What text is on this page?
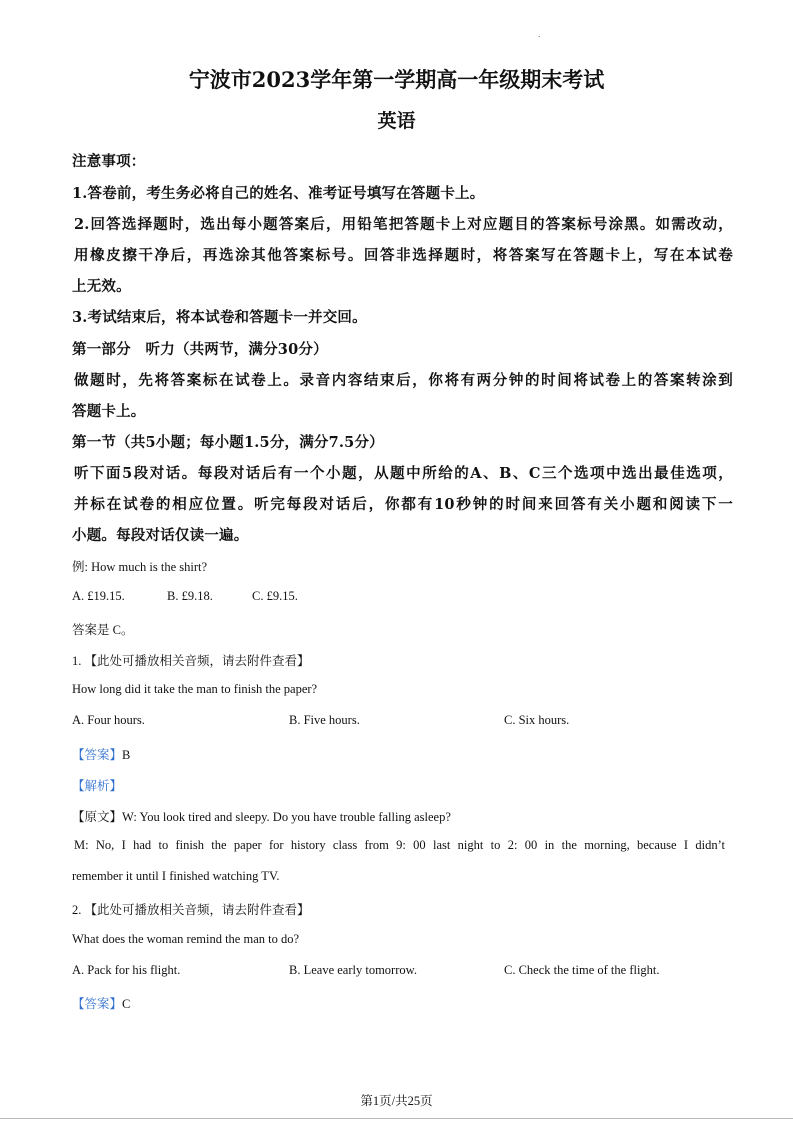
.
宁波市2023学年第一学期高一年级期末考试
英语
注意事项：
1.答卷前，考生务必将自己的姓名、准考证号填写在答题卡上。
2.回答选择题时，选出每小题答案后，用铅笔把答题卡上对应题目的答案标号涂黑。如需改动，
用橡皮擦干净后，再选涂其他答案标号。回答非选择题时，将答案写在答题卡上，写在本试卷
上无效。
3.考试结束后，将本试卷和答题卡一并交回。
第一部分　听力（共两节，满分30分）
做题时，先将答案标在试卷上。录音内容结束后，你将有两分钟的时间将试卷上的答案转涂到
答题卡上。
第一节（共5小题；每小题1.5分，满分7.5分）
听下面5段对话。每段对话后有一个小题，从题中所给的A、B、C三个选项中选出最佳选项，
并标在试卷的相应位置。听完每段对话后，你都有10秒钟的时间来回答有关小题和阅读下一
小题。每段对话仅读一遍。
例: How much is the shirt?
A. £19.15.	B. £9.18.	C. £9.15.
答案是 C。
1. 【此处可播放相关音频，请去附件查看】
How long did it take the man to finish the paper?
A. Four hours.	B. Five hours.	C. Six hours.
【答案】B
【解析】
【原文】W: You look tired and sleepy. Do you have trouble falling asleep?
M: No, I had to finish the paper for history class from 9: 00 last night to 2: 00 in the morning, because I didn’t
remember it until I finished watching TV.
2. 【此处可播放相关音频，请去附件查看】
What does the woman remind the man to do?
A. Pack for his flight.	B. Leave early tomorrow.	C. Check the time of the flight.
【答案】C
第1页/共25页
